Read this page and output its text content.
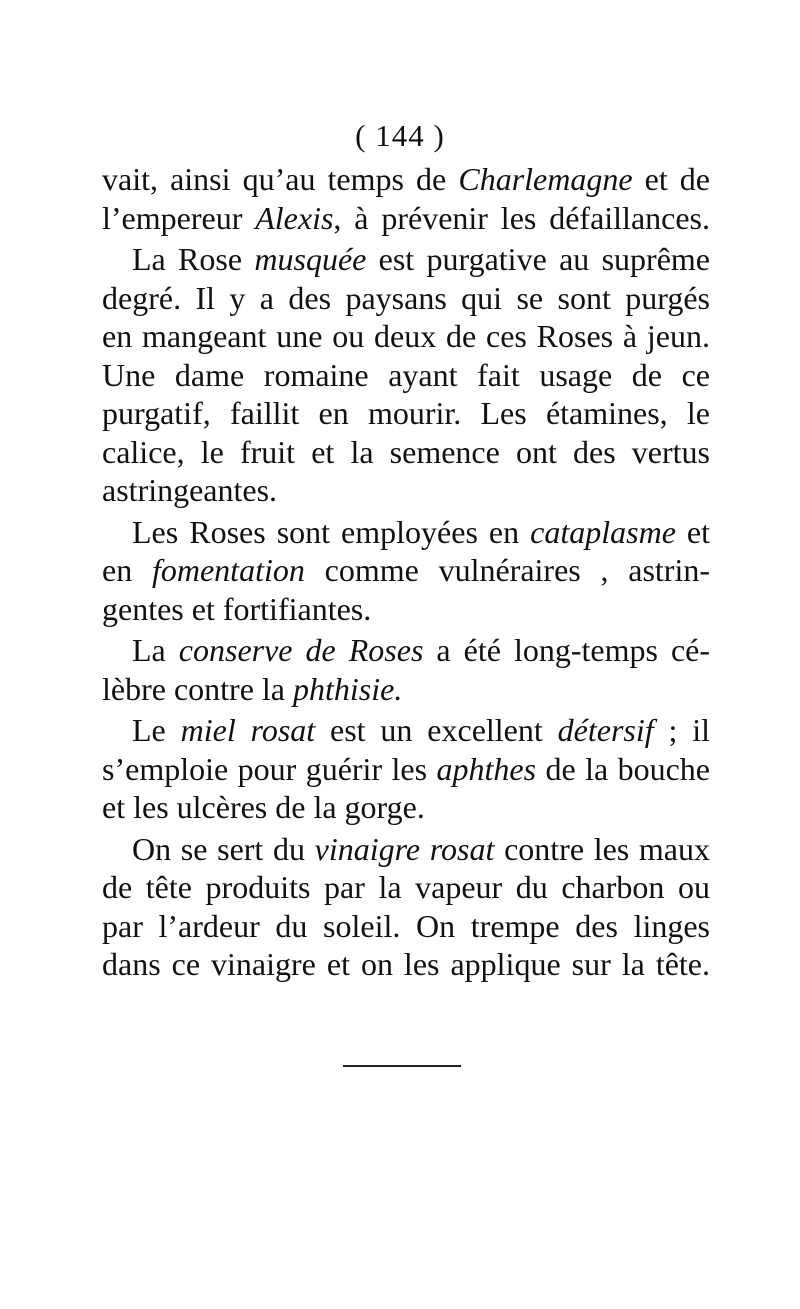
( 144 )
vait, ainsi qu’au temps de Charlemagne et de
l’empereur Alexis, à prévenir les défaillances.
La Rose musquée est purgative au suprême
degré. Il y a des paysans qui se sont purgés
en mangeant une ou deux de ces Roses à jeun.
Une dame romaine ayant fait usage de ce
purgatif, faillit en mourir. Les étamines, le
calice, le fruit et la semence ont des vertus
astringeantes.
Les Roses sont employées en cataplasme et
en fomentation comme vulnéraires , astrin-
gentes et fortifiantes.
La conserve de Roses a été long-temps cé-
lèbre contre la phthisie.
Le miel rosat est un excellent détersif ; il
s’emploie pour guérir les aphthes de la bouche
et les ulcères de la gorge.
On se sert du vinaigre rosat contre les maux
de tête produits par la vapeur du charbon ou
par l’ardeur du soleil. On trempe des linges
dans ce vinaigre et on les applique sur la tête.
